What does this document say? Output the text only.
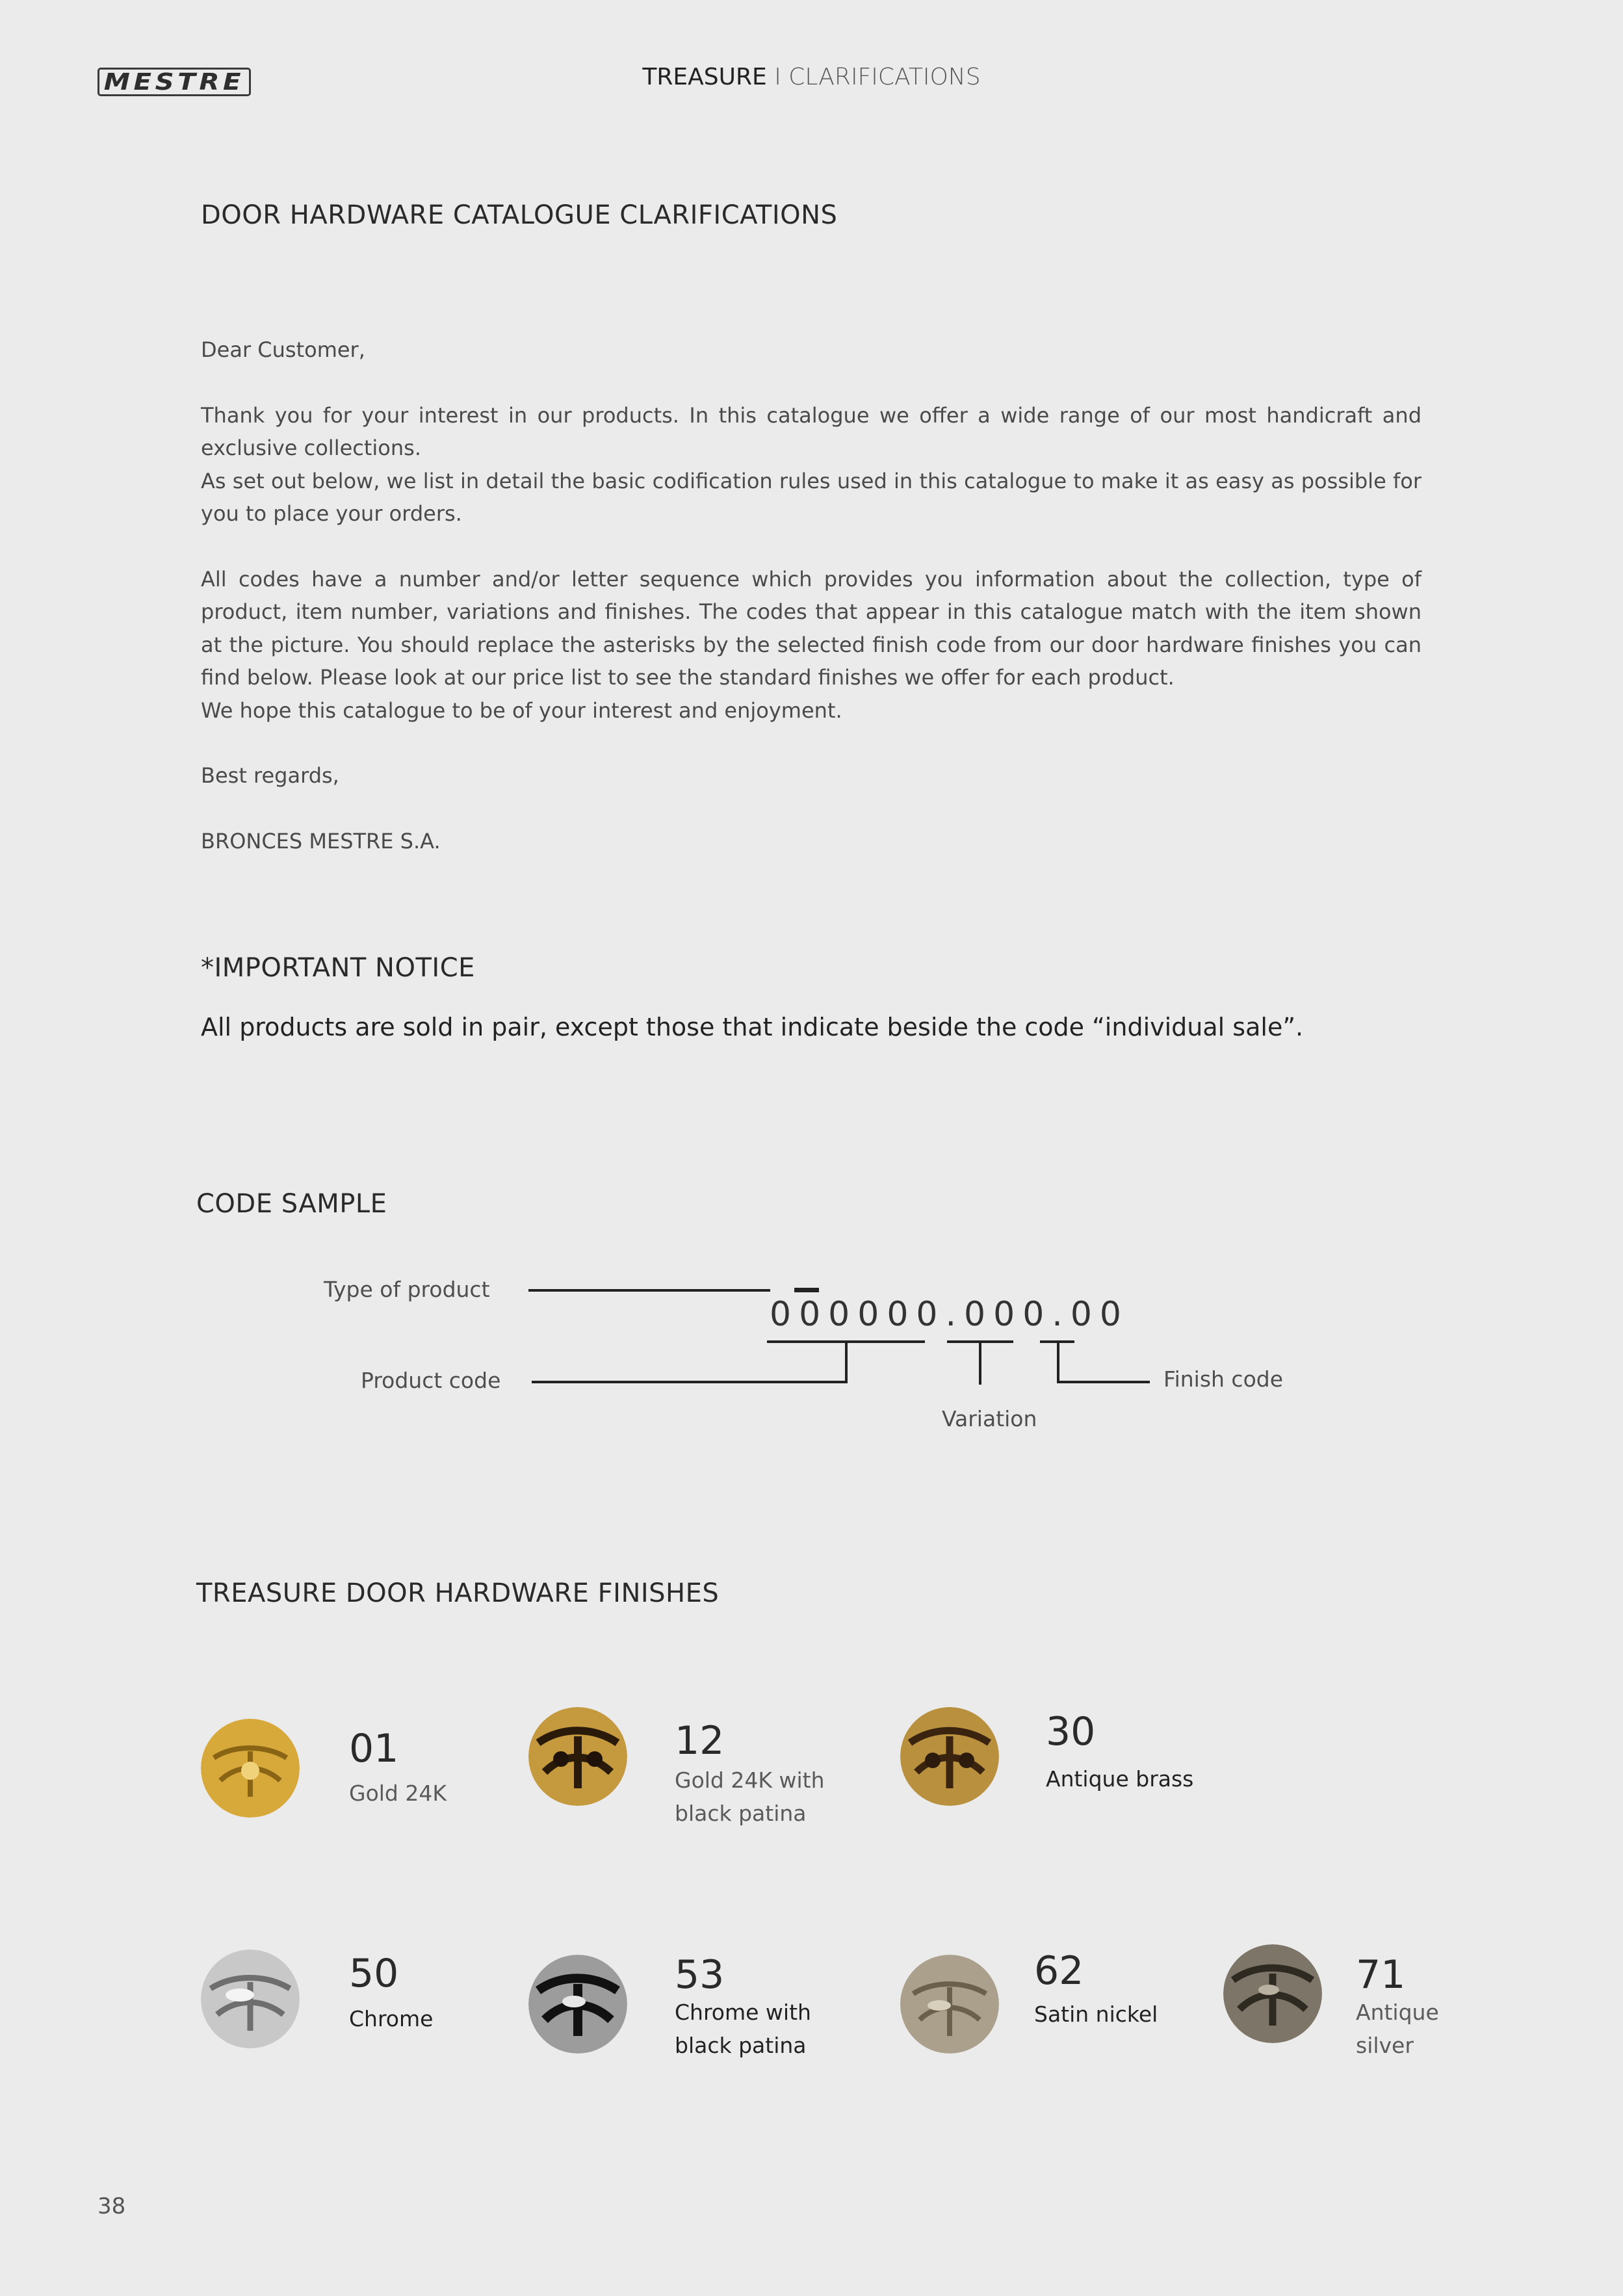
MESTRE	TREASURE I CLARIFICATIONS
DOOR HARDWARE CATALOGUE CLARIFICATIONS

Dear Customer,

Thank you for your interest in our products. In this catalogue we offer a wide range of our most handicraft and exclusive collections.

As set out below, we list in detail the basic codification rules used in this catalogue to make it as easy as possible for you to place your orders.

All codes have a number and/or letter sequence which provides you information about the collection, type of product, item number, variations and finishes. The codes that appear in this catalogue match with the item shown at the picture. You should replace the asterisks by the selected finish code from our door hardware finishes you can find below. Please look at our price list to see the standard finishes we offer for each product.

We hope this catalogue to be of your interest and enjoyment.

Best regards,

BRONCES MESTRE S.A.

*IMPORTANT NOTICE
All products are sold in pair, except those that indicate beside the code “individual sale”.
CODE SAMPLE
Type of product
Product code
Variation
Finish code
000000.000.00
TREASURE DOOR HARDWARE FINISHES
01
Gold 24K
12
Gold 24K with
black patina
30
Antique brass
50
Chrome
53
Chrome with
black patina
62
Satin nickel
71
Antique
silver
38
